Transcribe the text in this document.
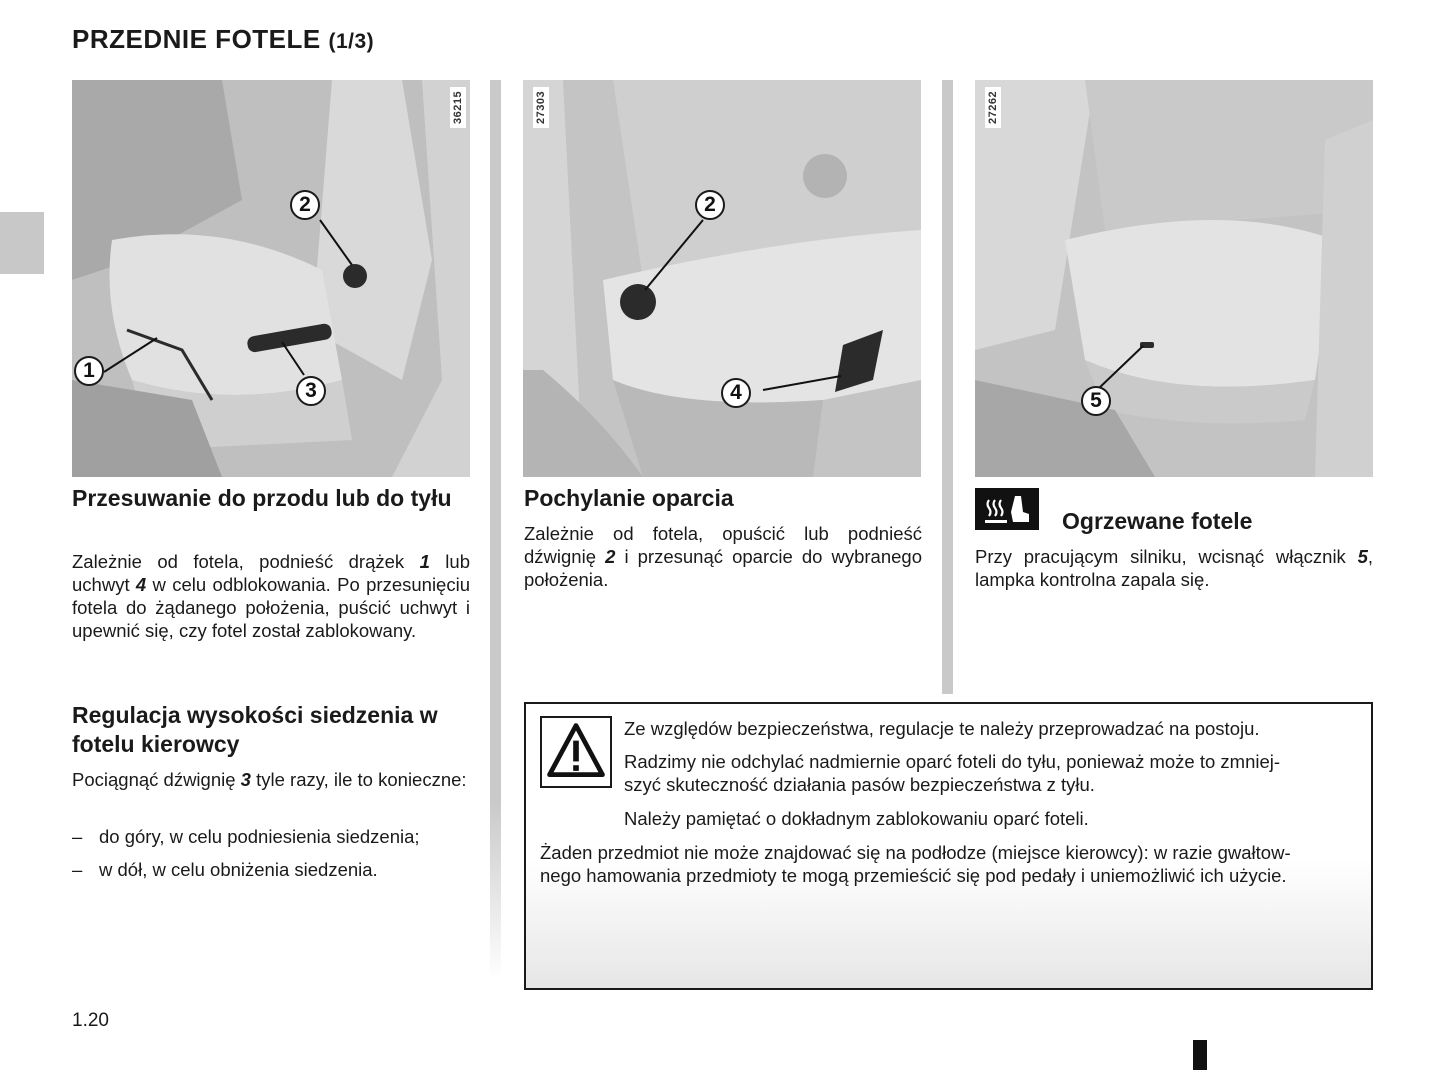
PRZEDNIE FOTELE (1/3)
36215
2
1
3
27303
2
4
27262
5
Przesuwanie do przodu lub do tyłu
Zależnie od fotela, podnieść drążek 1 lub uchwyt 4 w celu odblokowania. Po przesunięciu fotela do żądanego położenia, puścić uchwyt i upewnić się, czy fotel został zablokowany.
Regulacja wysokości siedzenia w fotelu kierowcy
Pociągnąć dźwignię 3 tyle razy, ile to konieczne:
– do góry, w celu podniesienia siedzenia;
– w dół, w celu obniżenia siedzenia.
Pochylanie oparcia
Zależnie od fotela, opuścić lub podnieść dźwignię 2 i przesunąć oparcie do wybranego położenia.
Ogrzewane fotele
Przy pracującym silniku, wcisnąć włącznik 5, lampka kontrolna zapala się.
Ze względów bezpieczeństwa, regulacje te należy przeprowadzać na postoju.
Radzimy nie odchylać nadmiernie oparć foteli do tyłu, ponieważ może to zmniej-
szyć skuteczność działania pasów bezpieczeństwa z tyłu.
Należy pamiętać o dokładnym zablokowaniu oparć foteli.
Żaden przedmiot nie może znajdować się na podłodze (miejsce kierowcy): w razie gwałtow-
nego hamowania przedmioty te mogą przemieścić się pod pedały i uniemożliwić ich użycie.
1.20
